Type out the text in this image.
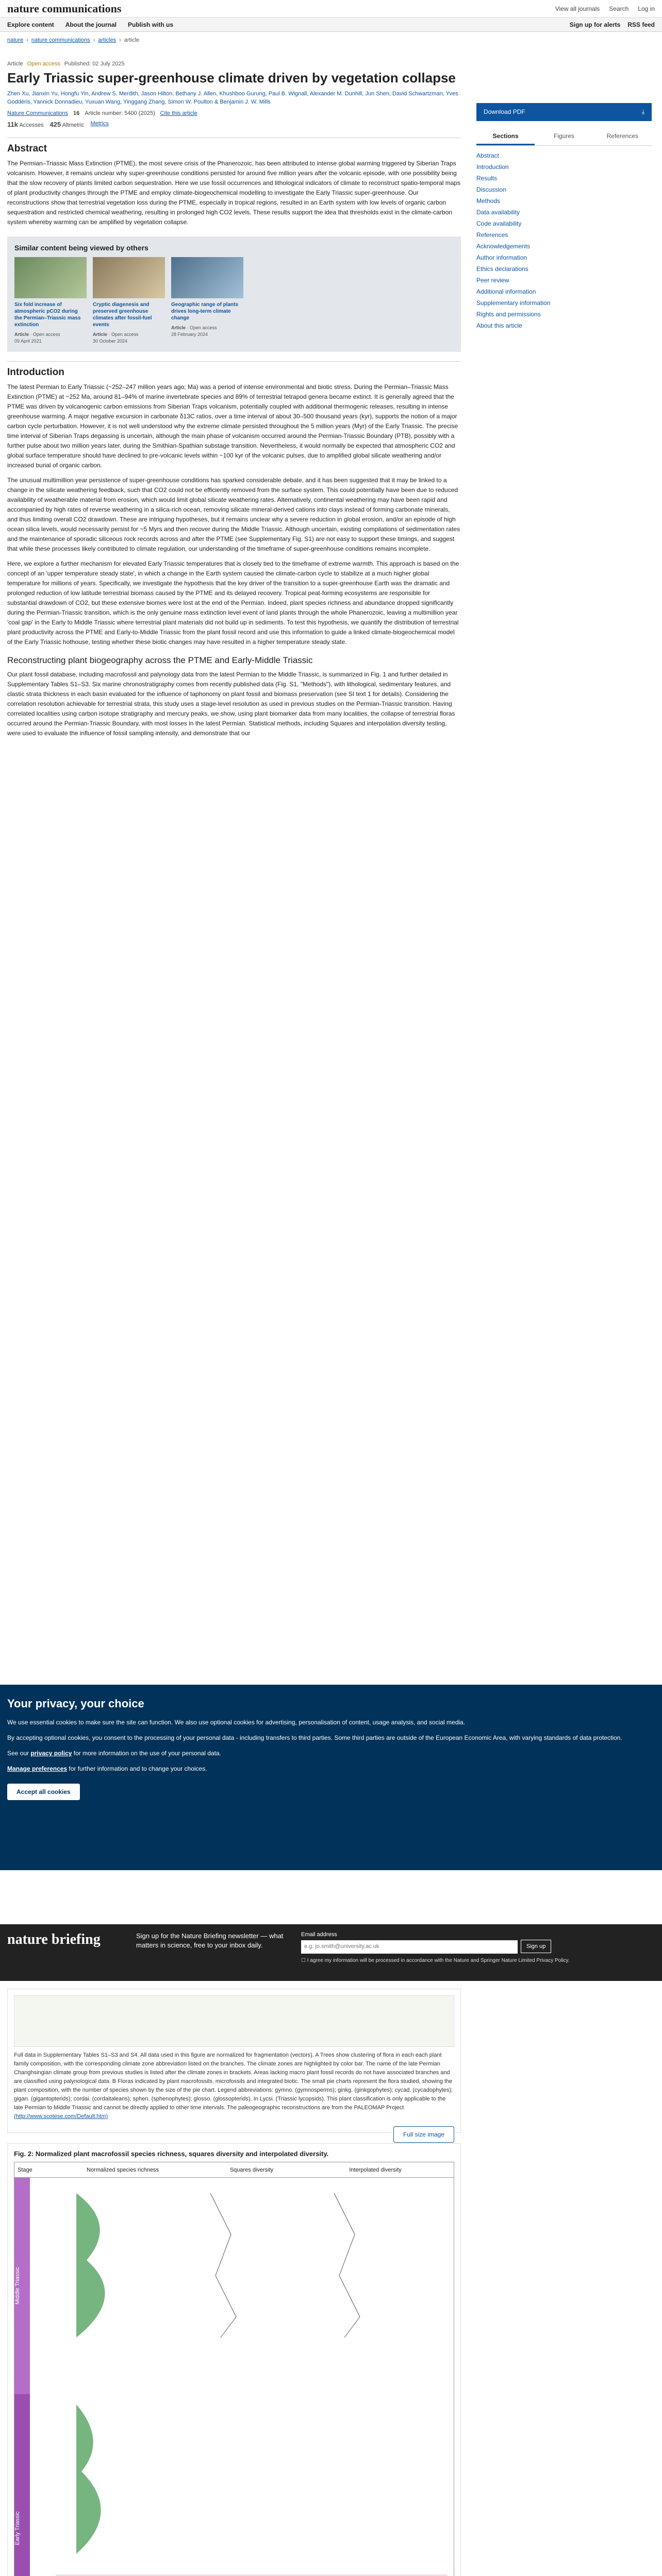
nature communications	View all journals Search Log in
Explore content About the journal Publish with us	Sign up for alerts RSS feed
nature › nature communications › articles › article
Article Open access Published: 02 July 2025
Early Triassic super-greenhouse climate driven by vegetation collapse
Zhen Xu, Jianxin Yu, Hongfu Yin, Andrew S. Merdith, Jason Hilton, Bethany J. Allen, Khushboo Gurung, Paul B. Wignall, Alexander M. Dunhill, Jun Shen, David Schwartzman, Yves Goddéris, Yannick Donnadieu, Yuxuan Wang, Yinggang Zhang, Simon W. Poulton & Benjamin J. W. Mills
Nature Communications 16 Article number: 5400 (2025) Cite this article
11k Accesses 425 Altmetric Metrics
Abstract

The Permian–Triassic Mass Extinction (PTME), the most severe crisis of the Phanerozoic, has been attributed to intense global warming triggered by Siberian Traps volcanism. However, it remains unclear why super-greenhouse conditions persisted for around five million years after the volcanic episode, with one possibility being that the slow recovery of plants limited carbon sequestration. Here we use fossil occurrences and lithological indicators of climate to reconstruct spatio-temporal maps of plant productivity changes through the PTME and employ climate-biogeochemical modelling to investigate the Early Triassic super-greenhouse. Our reconstructions show that terrestrial vegetation loss during the PTME, especially in tropical regions, resulted in an Earth system with low levels of organic carbon sequestration and restricted chemical weathering, resulting in prolonged high CO2 levels. These results support the idea that thresholds exist in the climate-carbon system whereby warming can be amplified by vegetation collapse.

Similar content being viewed by others
Six fold increase of atmospheric pCO2 during the Permian–Triassic mass extinction
Article · Open access
09 April 2021
Cryptic diagenesis and preserved greenhouse climates after fossil-fuel events
Article · Open access
30 October 2024
Geographic range of plants drives long-term climate change
Article · Open access
28 February 2024
Introduction

The latest Permian to Early Triassic (~252–247 million years ago; Ma) was a period of intense environmental and biotic stress. During the Permian–Triassic Mass Extinction (PTME) at ~252 Ma, around 81–94% of marine invertebrate species and 89% of terrestrial tetrapod genera became extinct. It is generally agreed that the PTME was driven by volcanogenic carbon emissions from Siberian Traps volcanism, potentially coupled with additional thermogenic releases, resulting in intense greenhouse warming. A major negative excursion in carbonate δ13C ratios, over a time interval of about 30–500 thousand years (kyr), supports the notion of a major carbon cycle perturbation. However, it is not well understood why the extreme climate persisted throughout the 5 million years (Myr) of the Early Triassic. The precise time interval of Siberian Traps degassing is uncertain, although the main phase of volcanism occurred around the Permian-Triassic Boundary (PTB), possibly with a further pulse about two million years later, during the Smithian-Spathian substage transition. Nevertheless, it would normally be expected that atmospheric CO2 and global surface temperature should have declined to pre-volcanic levels within ~100 kyr of the volcanic pulses, due to amplified global silicate weathering and/or increased burial of organic carbon.

The unusual multimillion year persistence of super-greenhouse conditions has sparked considerable debate, and it has been suggested that it may be linked to a change in the silicate weathering feedback, such that CO2 could not be efficiently removed from the surface system. This could potentially have been due to reduced availability of weatherable material from erosion, which would limit global silicate weathering rates. Alternatively, continental weathering may have been rapid and accompanied by high rates of reverse weathering in a silica-rich ocean, removing silicate mineral-derived cations into clays instead of forming carbonate minerals, and thus limiting overall CO2 drawdown. These are intriguing hypotheses, but it remains unclear why a severe reduction in global erosion, and/or an episode of high ocean silica levels, would necessarily persist for ~5 Myrs and then recover during the Middle Triassic. Although uncertain, existing compilations of sedimentation rates and the maintenance of sporadic siliceous rock records across and after the PTME (see Supplementary Fig. S1) are not easy to support these timings, and suggest that while these processes likely contributed to climate regulation, our understanding of the timeframe of super-greenhouse conditions remains incomplete.

Here, we explore a further mechanism for elevated Early Triassic temperatures that is closely tied to the timeframe of extreme warmth. This approach is based on the concept of an 'upper temperature steady state', in which a change in the Earth system caused the climate-carbon cycle to stabilize at a much higher global temperature for millions of years. Specifically, we investigate the hypothesis that the key driver of the transition to a super-greenhouse Earth was the dramatic and prolonged reduction of low latitude terrestrial biomass caused by the PTME and its delayed recovery. Tropical peat-forming ecosystems are responsible for substantial drawdown of CO2, but these extensive biomes were lost at the end of the Permian. Indeed, plant species richness and abundance dropped significantly during the Permian-Triassic transition, which is the only genuine mass extinction level event of land plants through the whole Phanerozoic, leaving a multimillion year 'coal gap' in the Early to Middle Triassic where terrestrial plant materials did not build up in sediments. To test this hypothesis, we quantify the distribution of terrestrial plant productivity across the PTME and Early-to-Middle Triassic from the plant fossil record and use this information to guide a linked climate-biogeochemical model of the Early Triassic hothouse, testing whether these biotic changes may have resulted in a higher temperature steady state.

Reconstructing plant biogeography across the PTME and Early-Middle Triassic

Our plant fossil database, including macrofossil and palynology data from the latest Permian to the Middle Triassic, is summarized in Fig. 1 and further detailed in Supplementary Tables S1–S3. Six marine chronostratigraphy comes from recently published data (Fig. S1, "Methods"), with lithological, sedimentary features, and clastic strata thickness in each basin evaluated for the influence of taphonomy on plant fossil and biomass preservation (see SI text 1 for details). Considering the correlation resolution achievable for terrestrial strata, this study uses a stage-level resolution as used in previous studies on the Permian-Triassic transition. Having correlated localities using carbon isotope stratigraphy and mercury peaks, we show, using plant biomarker data from many localities, the collapse of terrestrial floras occurred around the Permian-Triassic Boundary, with most losses in the latest Permian. Statistical methods, including Squares and interpolation diversity testing, were used to evaluate the influence of fossil sampling intensity, and demonstrate that our

Download PDF	⤓
Sections	Figures	References
Abstract
Introduction
Results
Discussion
Methods
Data availability
Code availability
References
Acknowledgements
Author information
Ethics declarations
Peer review
Additional information
Supplementary information
Rights and permissions
About this article
Your privacy, your choice

We use essential cookies to make sure the site can function. We also use optional cookies for advertising, personalisation of content, usage analysis, and social media.

By accepting optional cookies, you consent to the processing of your personal data - including transfers to third parties. Some third parties are outside of the European Economic Area, with varying standards of data protection.

See our privacy policy for more information on the use of your personal data.

Manage preferences for further information and to change your choices.

Accept all cookies
nature briefing	Sign up for the Nature Briefing newsletter — what matters in science, free to your inbox daily.
Email address
e.g. jo.smith@university.ac.uk	Sign up
☐ I agree my information will be processed in accordance with the Nature and Springer Nature Limited Privacy Policy.
Full data in Supplementary Tables S1–S3 and S4. All data used in this figure are normalized for fragmentation (vectors). A Trees show clustering of flora in each each plant family composition, with the corresponding climate zone abbreviation listed on the branches. The climate zones are highlighted by color bar. The name of the late Permian Changhsingian climate group from previous studies is listed after the climate zones in brackets. Areas lacking macro plant fossil records do not have associated branches and are classified using palynological data. B Floras indicated by plant macrofossils, microfossils and integrated biotic. The small pie charts represent the flora studied, showing the plant composition, with the number of species shown by the size of the pie chart. Legend abbreviations: gymno. (gymnosperms); ginkg. (ginkgophytes); cycad. (cycadophytes); gigan. (gigantopterids); cordai. (cordaitaleans); sphen. (sphenophytes); glosso. (glossopterids). In Lycsi. (Triassic lycopsids). This plant classification is only applicable to the late Permian to Middle Triassic and cannot be directly applied to other time intervals. The paleogeographic reconstructions are from the PALEOMAP Project (http://www.scotese.com/Default.htm)
Full size image
Fig. 2: Normalized plant macrofossil species richness, squares diversity and interpolated diversity.
Stage	Normalized species richness	Squares diversity	Interpolated diversity
Middle Triassic
Early Triassic
